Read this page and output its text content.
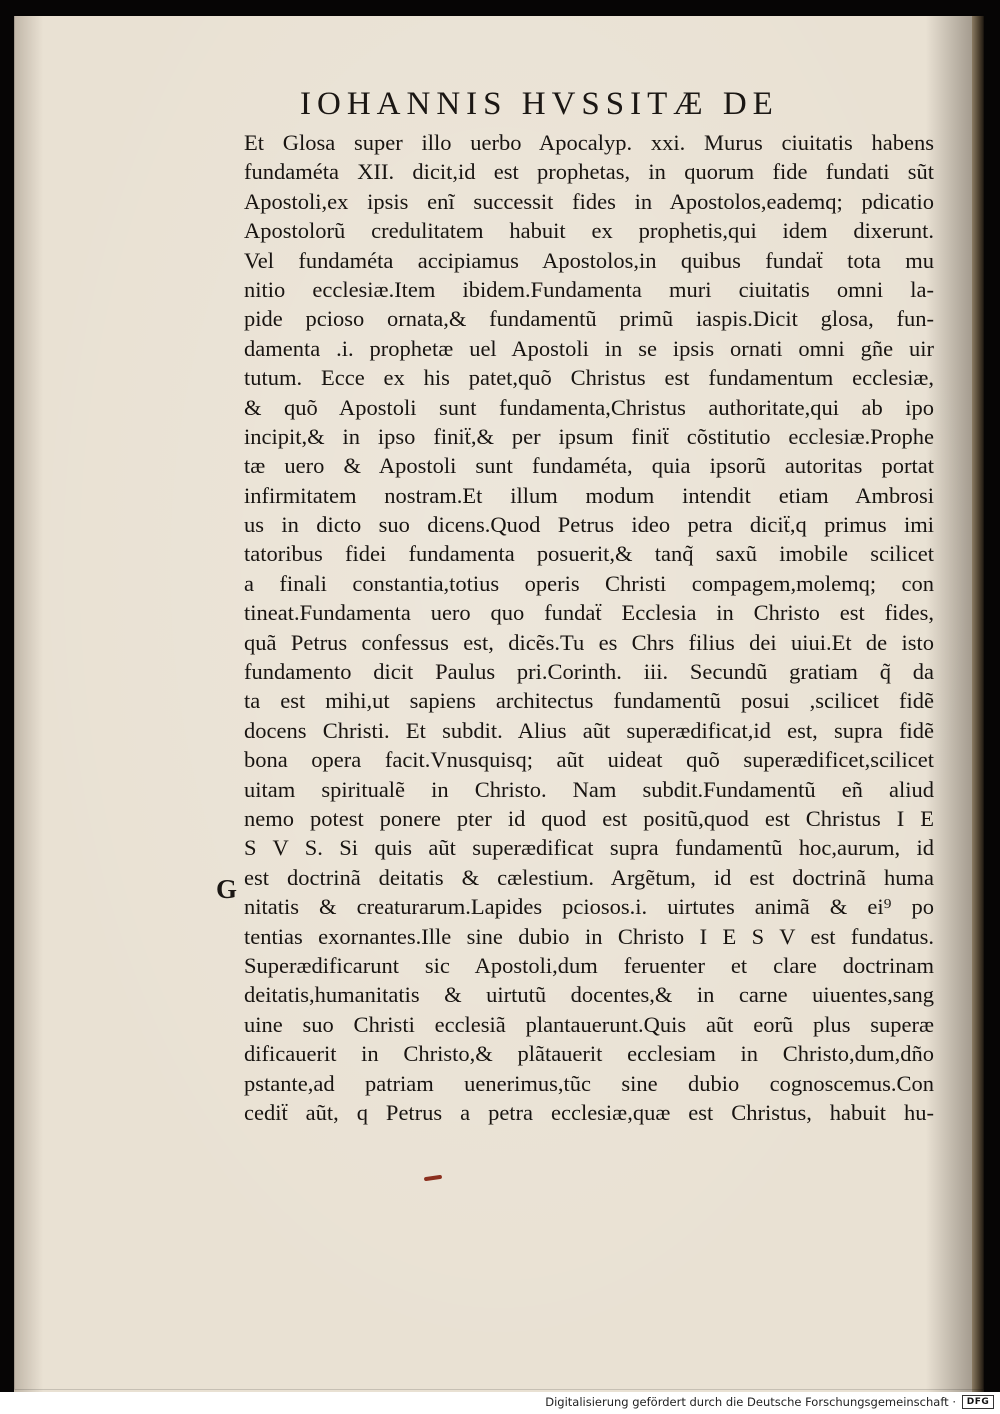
IOHANNIS HVSSITÆ DE
G
Et Glosa super illo uerbo Apocalyp. xxi. Murus ciuitatis habens
fundaméta XII. dicit,id est prophetas, in quorum fide fundati sũt
Apostoli,ex ipsis enĩ successit fides in Apostolos,eademq; pdicatio
Apostolorũ credulitatem habuit ex prophetis,qui idem dixerunt.
Vel fundaméta accipiamus Apostolos,in quibus fundaẗ tota mu
nitio ecclesiæ.Item ibidem.Fundamenta muri ciuitatis omni la-
pide pcioso ornata,& fundamentũ primũ iaspis.Dicit glosa, fun-
damenta .i. prophetæ uel Apostoli in se ipsis ornati omni gñe uir
tutum. Ecce ex his patet,quõ Christus est fundamentum ecclesiæ,
& quõ Apostoli sunt fundamenta,Christus authoritate,qui ab ipo
incipit,& in ipso finiẗ,& per ipsum finiẗ cõstitutio ecclesiæ.Prophe
tæ uero & Apostoli sunt fundaméta, quia ipsorũ autoritas portat
infirmitatem nostram.Et illum modum intendit etiam Ambrosi
us in dicto suo dicens.Quod Petrus ideo petra diciẗ,q primus imi
tatoribus fidei fundamenta posuerit,& tanq̃ saxũ imobile scilicet
a finali constantia,totius operis Christi compagem,molemq; con
tineat.Fundamenta uero quo fundaẗ Ecclesia in Christo est fides,
quã Petrus confessus est, dicẽs.Tu es Chrs filius dei uiui.Et de isto
fundamento dicit Paulus pri.Corinth. iii. Secundũ gratiam q̃ da
ta est mihi,ut sapiens architectus fundamentũ posui ,scilicet fidẽ
docens Christi. Et subdit. Alius aũt superædificat,id est, supra fidẽ
bona opera facit.Vnusquisq; aũt uideat quõ superædificet,scilicet
uitam spiritualẽ in Christo. Nam subdit.Fundamentũ eñ aliud
nemo potest ponere pter id quod est positũ,quod est Christus I E
S V S. Si quis aũt superædificat supra fundamentũ hoc,aurum, id
est doctrinã deitatis & cælestium. Argẽtum, id est doctrinã huma
nitatis & creaturarum.Lapides pciosos.i. uirtutes animã & ei⁹ po
tentias exornantes.Ille sine dubio in Christo I E S V est fundatus.
Superædificarunt sic Apostoli,dum feruenter et clare doctrinam
deitatis,humanitatis & uirtutũ docentes,& in carne uiuentes,sang
uine suo Christi ecclesiã plantauerunt.Quis aũt eorũ plus superæ
dificauerit in Christo,& plãtauerit ecclesiam in Christo,dum,dño
pstante,ad patriam uenerimus,tũc sine dubio cognoscemus.Con
cediẗ aũt, q Petrus a petra ecclesiæ,quæ est Christus, habuit hu-
Digitalisierung gefördert durch die Deutsche Forschungsgemeinschaft ·	DFG
